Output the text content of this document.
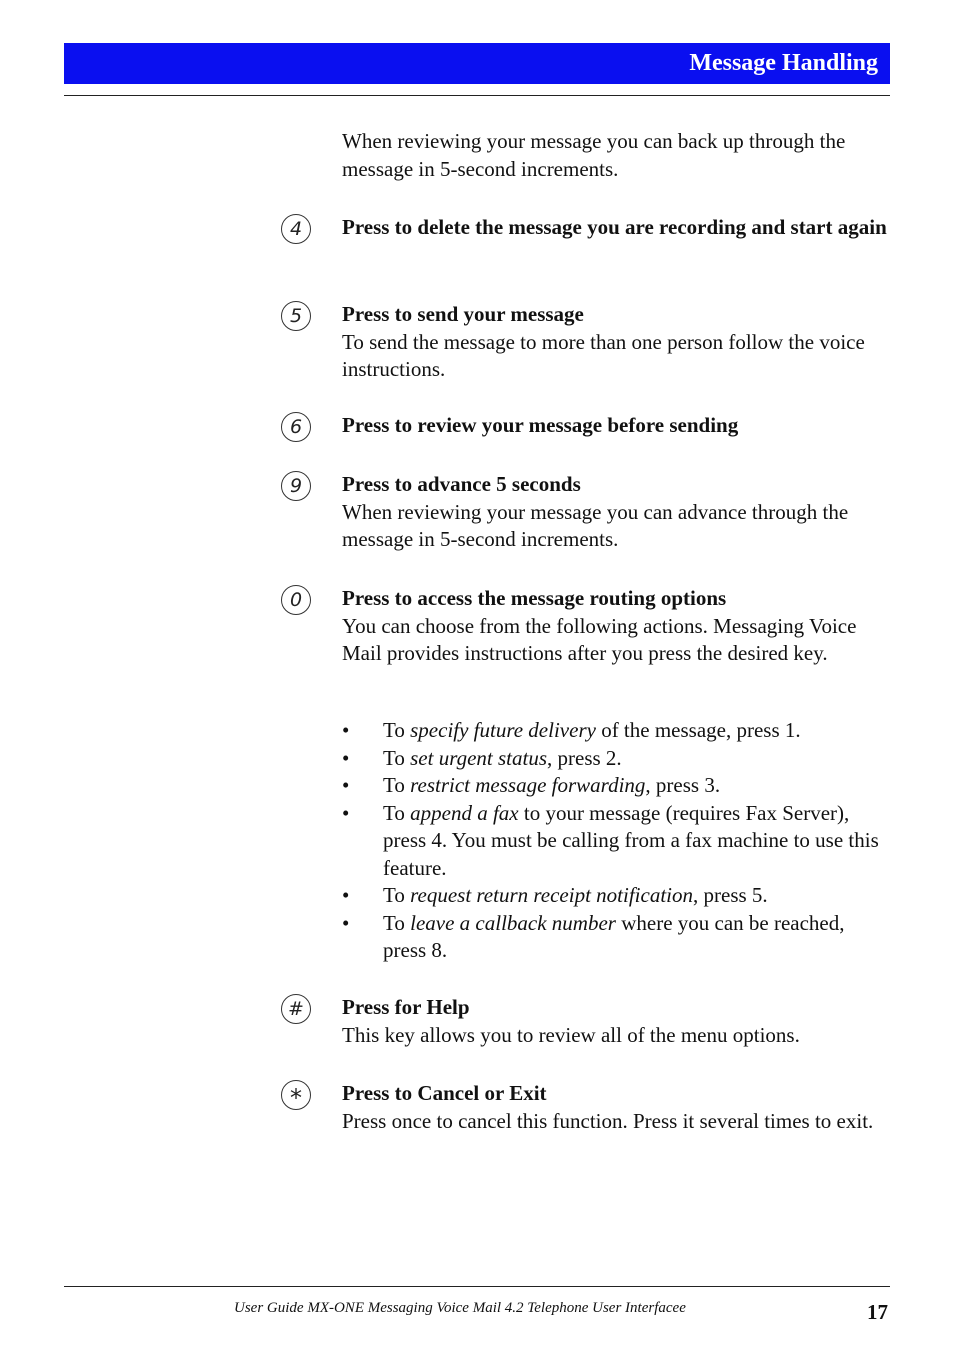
Message Handling

When reviewing your message you can back up through the message in 5-second increments.

4	Press to delete the message you are recording and start again

5	Press to send your message

To send the message to more than one person follow the voice instructions.

6	Press to review your message before sending

9	Press to advance 5 seconds

When reviewing your message you can advance through the message in 5-second increments.

0	Press to access the message routing options

You can choose from the following actions. Messaging Voice Mail provides instructions after you press the desired key.

• To specify future delivery of the message, press 1.
• To set urgent status, press 2.
• To restrict message forwarding, press 3.
• To append a fax to your message (requires Fax Server), press 4. You must be calling from a fax machine to use this feature.
• To request return receipt notification, press 5.
• To leave a callback number where you can be reached, press 8.
#	Press for Help

This key allows you to review all of the menu options.

*	Press to Cancel or Exit

Press once to cancel this function. Press it several times to exit.

User Guide MX-ONE Messaging Voice Mail 4.2 Telephone User Interfacee	17
